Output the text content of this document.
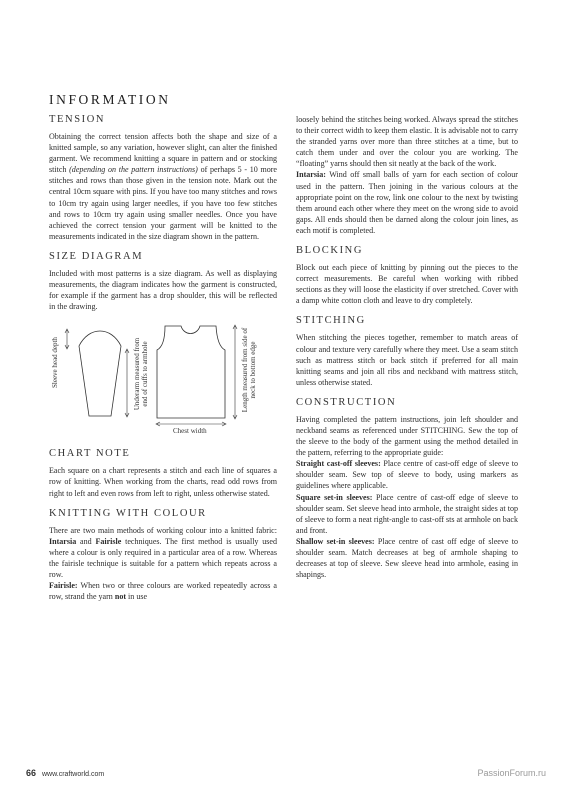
INFORMATION
TENSION

Obtaining the correct tension affects both the shape and size of a knitted sample, so any variation, however slight, can alter the finished garment. We recommend knitting a square in pattern and or stocking stitch (depending on the pattern instructions) of perhaps 5 - 10 more stitches and rows than those given in the tension note. Mark out the central 10cm square with pins. If you have too many stitches and rows to 10cm try again using larger needles, if you have too few stitches and rows to 10cm try again using smaller needles. Once you have achieved the correct tension your garment will be knitted to the measurements indicated in the size diagram shown in the pattern.

SIZE DIAGRAM

Included with most patterns is a size diagram. As well as displaying measurements, the diagram indicates how the garment is constructed, for example if the garment has a drop shoulder, this will be reflected in the drawing.

Sleeve head depth	Underarm measured from end of cuffs to armhole	Length measured from side of neck to bottom edge
Chest width
CHART NOTE

Each square on a chart represents a stitch and each line of squares a row of knitting. When working from the charts, read odd rows from right to left and even rows from left to right, unless otherwise stated.

KNITTING WITH COLOUR

There are two main methods of working colour into a knitted fabric: Intarsia and Fairisle techniques. The first method is usually used where a colour is only required in a particular area of a row. Whereas the fairisle technique is suitable for a pattern which repeats across a row.

Fairisle: When two or three colours are worked repeatedly across a row, strand the yarn not in use

loosely behind the stitches being worked. Always spread the stitches to their correct width to keep them elastic. It is advisable not to carry the stranded yarns over more than three stitches at a time, but to catch them under and over the colour you are working. The “floating” yarns should then sit neatly at the back of the work.

Intarsia: Wind off small balls of yarn for each section of colour used in the pattern. Then joining in the various colours at the appropriate point on the row, link one colour to the next by twisting them around each other where they meet on the wrong side to avoid gaps. All ends should then be darned along the colour join lines, as each motif is completed.

BLOCKING

Block out each piece of knitting by pinning out the pieces to the correct measurements. Be careful when working with ribbed sections as they will loose the elasticity if over stretched. Cover with a damp white cotton cloth and leave to dry completely.

STITCHING

When stitching the pieces together, remember to match areas of colour and texture very carefully where they meet. Use a seam stitch such as mattress stitch or back stitch if preferred for all main knitting seams and join all ribs and neckband with mattress stitch, unless otherwise stated.

CONSTRUCTION

Having completed the pattern instructions, join left shoulder and neckband seams as referenced under STITCHING. Sew the top of the sleeve to the body of the garment using the method detailed in the pattern, referring to the appropriate guide:

Straight cast-off sleeves: Place centre of cast-off edge of sleeve to shoulder seam. Sew top of sleeve to body, using markers as guidelines where applicable.

Square set-in sleeves: Place centre of cast-off edge of sleeve to shoulder seam. Set sleeve head into armhole, the straight sides at top of sleeve to form a neat right-angle to cast-off sts at armhole on back and front.

Shallow set-in sleeves: Place centre of cast off edge of sleeve to shoulder seam. Match decreases at beg of armhole shaping to decreases at top of sleeve. Sew sleeve head into armhole, easing in shapings.

66 www.craftworld.com	PassionForum.ru
